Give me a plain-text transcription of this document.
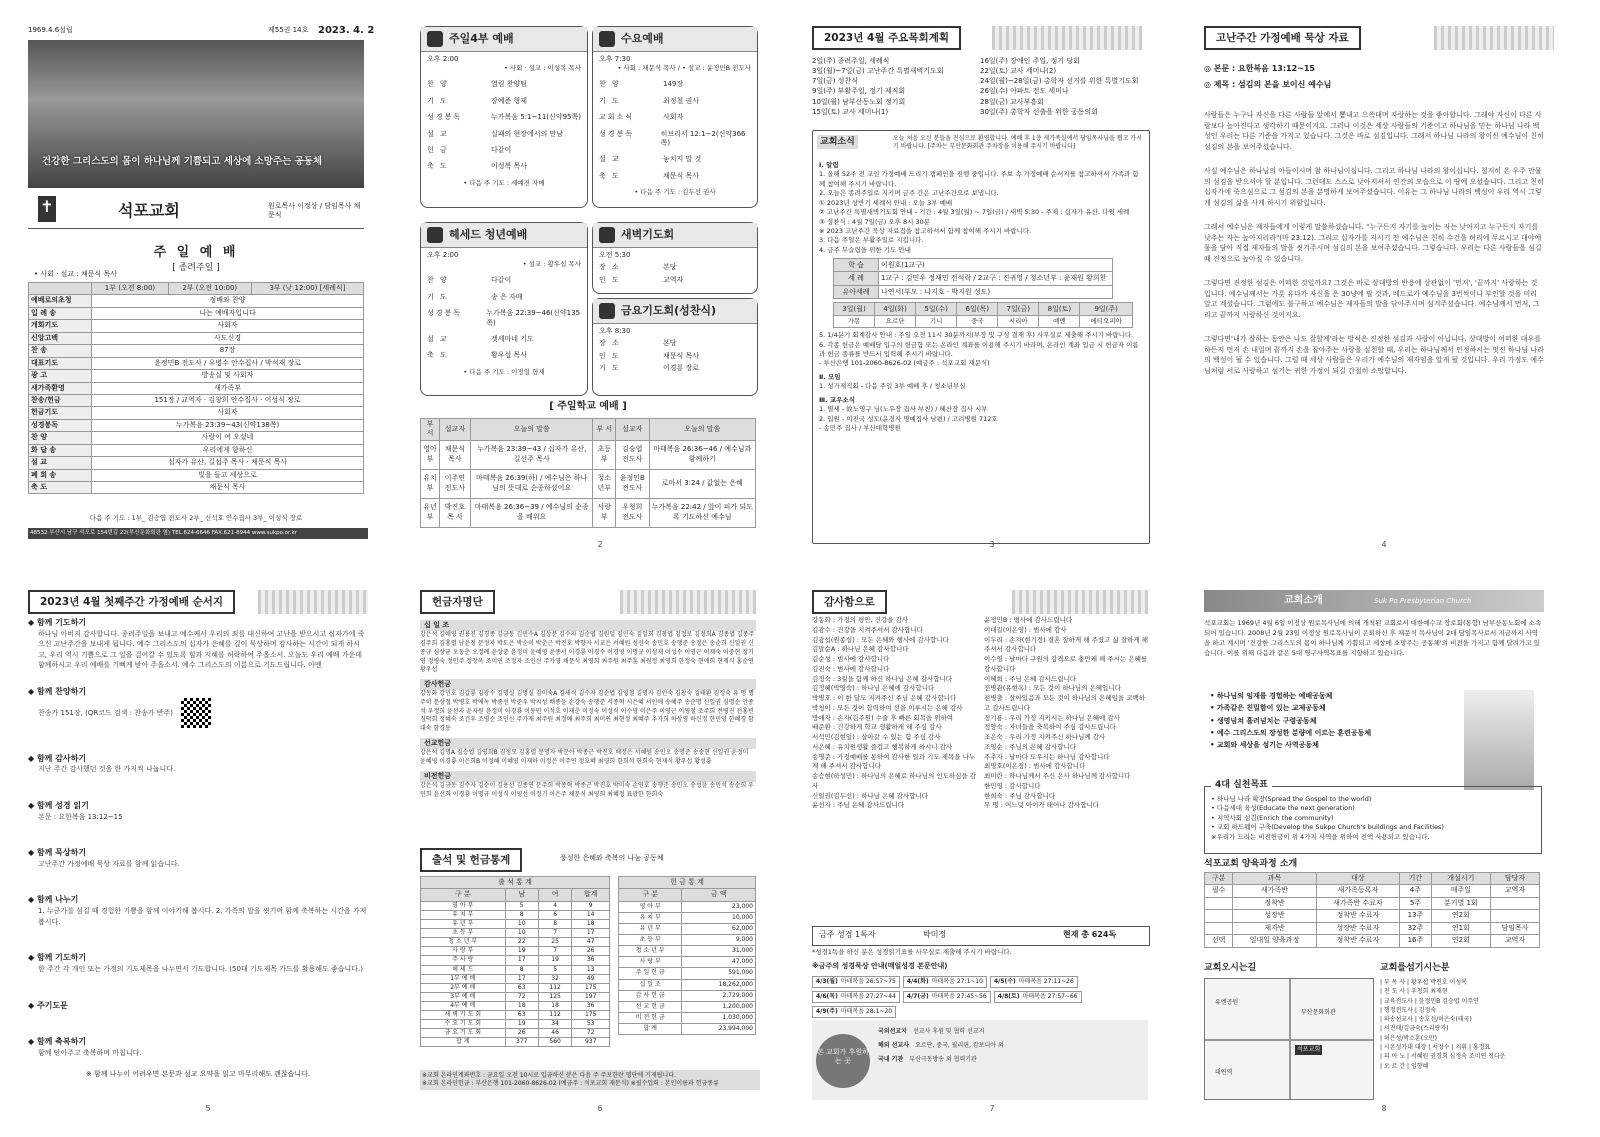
1969.4.6설립	제55권 14호 2023. 4. 2
건강한 그리스도의 몸이 하나님께 기쁨되고 세상에 소망주는 공동체
✝	석포교회	원로목사 이정상 / 담임목사 채문식
주 일 예 배
[ 종려주일 ]
• 사회 · 설교 : 채문식 목사
	1부 (오전 8:00)	2부 (오전 10:00)	3부 (낮 12:00) [세례식]
예배로의초청	정배와 찬양		
입 례 송	나는 예배자입니다		
개회기도	사회자		
신앙고백	사도신경		
찬 송	87장		
대표기도	윤정민B 전도사 / 우병수 안수집사 / 박석재 장로		
광 고	방송실 및 사회자		
새가족환영	새가족부		
찬송/헌금	151장 / 교역자 · 김창희 안수집사 · 이성식 장로		
헌금기도	사회자		
성경봉독	누가복음 23:39~43(신약138쪽)		
찬 양	사랑이 여 오셨네		
화 답 송	우리에게 향하신		
설 교	십자가 유산, 길섭주 목사 · 채문식 목사		
폐 회 송	빛을 들고 세상으로		
축 도	채문식 목사		
다음 주 기도 : 1부_ 김승엽 전도사 2부_ 신석호 안수집사 3부_ 이성식 장로
48532 부산시 남구 석포로 154번길 22(부산문화회관 옆) TEL.624-6646 FAX.621-8944 www.sukpo.or.kr
주일4부 예배
오후 2:00
• 사회 · 설교 : 이성복 목사
찬 양	열림 찬양팀
기 도	장예준 형제
성경봉독	누가복음 5:1~11(신약95쪽)
설 교	실패의 현장에서의 만남
헌 금	다같이
축 도	이성복 목사
• 다음 주 기도 : 세예진 자매
수요예배
오후 7:30
• 사회 : 채문식 목사 / • 설교 : 윤정민B 전도사
찬 양	149장
기 도	최정철 권사
교회소식	사회자
성경봉독	히브리서 12:1~2(신약366쪽)
설 교	놓치지 말 것
축 도	채문식 목사
• 다음 주 기도 : 김두선 권사
헤세드 청년예배
오후 2:00
• 설교 : 황우섭 목사
찬 양	다같이
기 도	송 은 자매
성경봉독	누가복음 22:39~46(신약135쪽)
설 교	겟세마네 기도
축 도	황우섭 목사
• 다음 주 기도 : 이정일 형제
새벽기도회
오전 5:30
장 소	본당
인 도	교역자
금요기도회(성찬식)
오후 8:30
장 소	본당
인 도	채문식 목사
기 도	이경룡 장로
[ 주일학교 예배 ]
부 서	설교자	오늘의 말씀	부 서	설교자	오늘의 말씀
영아부	채문식 목사	누가복음 23:39~43 / 십자가 유산, 길선주 목사	초등부	김승엽 전도사	마태복음 26:36~46 / 예수님과 함께하기
유치부	이주연 전도사	마태복음 26:39(하) / 예수님은 하나님의 뜻대로 순종하셨어요	청소년부	윤정민B 전도사	로마서 3:24 / 값없는 은혜
유년부	박진호 목 사	마태복음 26:36~39 / 예수님의 순종을 배워요	사랑부	우청희 전도사	누가복음 22:42 / 앞이 피가 되도록 기도하신 예수님
2
2023년 4월 주요목회계획
2일(주) 종려주일, 세례식
3일(월)~7일(금) 고난주간 특별새벽기도회
7일(금) 성찬식
9일(주) 부활주일, 정기 제직회
10일(월) 남부산동노회 정기회
15일(토) 교사 세미나(1)
16일(주) 장애인 주일, 정기 당회
22일(토) 교사 세미나(2)
24일(월)~28일(금) 총학자 선거를 위한 특별기도회
26일(수) 아파트 전도 세미나
28일(금) 교사부흥회
30일(주) 총학자 선출을 위한 공동의회
교회소식	오늘 처음 오신 분들을 진심으로 환영합니다. 예배 후 1층 새가족실에서 담임목사님을 뵙고 가시기 바랍니다. [주차는 부산문화회관 주차장을 이용해 주시기 바랍니다]
Ⅰ. 알림
1. 올해 52주 전 교인 가정예배 드리기 캠페인을 진행 중입니다. 주보 속 가정예배 순서지를 참고하셔서 가족과 함께 참여해 주시기 바랍니다.
2. 오늘은 종려주일로 지키며 금주 간은 고난주간으로 보냅니다.
① 2023년 상반기 세례식 안내 : 오늘 3부 예배
② 고난주간 특별새벽기도회 안내 - 기간 : 4월 3일(월) ~ 7일(금) / 새벽 5:30 - 주제 : 십자가 유산, 다윗 세례
③ 성찬식 : 4월 7일(금) 오후 8시 30분
※ 2023 고난주간 묵상 자료집을 참고하셔서 함께 참여해 주시기 바랍니다.
3. 다음 주일은 부활주일로 지킵니다.
4. 금주 무슬림을 위한 기도 안내
학 습	이원호(1교구)
세 례	1교구 : 김민우 정재민 전석락 / 2교구 : 진귀영 / 청소년부 : 윤재원 황희찬
유아세례	나연서(부모 : 나지호 · 박지원 성도)
3일(월)	4일(화)	5일(수)	6일(목)	7일(금)	8일(토)	9일(주)
가봉	요르단	기니	중국	시리아	예멘	에티오피아
5. 1/4분기 회계감사 안내 : 주일 오전 11시 30분까지(부장 및 구성 결재 후) 사무실로 제출해 주시기 바랍니다.
6. 각종 헌금은 예배당 입구의 헌금함 또는 온라인 계좌를 이용해 주시기 바라며, 온라인 계좌 입금 시 헌금자 이름과 헌금 종류를 반드시 입력해 주시기 바랍니다.
- 부산은행 101-2060-8626-02 (예금주 : 석포교회 재문식)
Ⅱ. 모임
1. 성가제직회 - 다음 주일 3부 예배 후 / 청소년부실
Ⅲ. 교우소식
1. 별세 - 故노영구 님(노우장 집사 부친) / 혜산장 집사 시부
2. 입원 - 이진국 성도(윤정자 명예집사 남편) / 고려병원 712호
- 송민주 집사 / 부산대학병원
3
고난주간 가정예배 묵상 자료
◎ 본문 : 요한복음 13:12~15
◎ 제목 : 섬김의 본을 보이신 예수님

사람들은 누구나 자신을 다른 사람들 앞에서 뽐내고 으쓱대며 자랑하는 것을 좋아합니다. 그래야 자신이 다른 사람보다 높아진다고 생각하기 때문이지요. 그러나 이것은 세상 사람들의 기준이고 하나님을 믿는 하나님 나라 백성인 우리는 다른 기준을 가지고 있습니다. 그것은 바로 섬김입니다. 그래서 하나님 나라의 왕이신 예수님이 친히 섬김의 본을 보여주셨습니다.

사실 예수님은 하나님의 아들이시며 참 하나님이십니다. 그리고 하나님 나라의 왕이십니다. 철저히 온 우주 만물의 섬김을 받으셔야 할 분입니다. 그런데도 스스로 낮아지셔서 인간의 모습으로 이 땅에 오셨습니다. 그리고 친히 십자가에 죽으심으로 그 섬김의 본을 분명하게 보여주셨습니다. 이유는 그 하나님 나라의 백성이 우리 역시 그렇게 섬김의 삶을 사게 하시기 위함입니다.

그래서 예수님은 제자들에게 이렇게 말씀하셨습니다. "누구든지 자기를 높이는 자는 낮아지고 누구든지 자기를 낮추는 자는 높아지리라"(마 23:12). 그리고 십자가를 지시기 전 예수님은 친히 수건을 허리에 두르시고 대야에 물을 담아 직접 제자들의 발을 씻겨주시며 섬김의 본을 보여주셨습니다. 그렇습니다. 우리는 다른 사람들을 섬길 때 진정으로 높아질 수 있습니다.

그렇다면 진정한 섬김은 어떠한 것일까요? 그것은 바로 상대방의 반응에 상관없이 '먼저', '끝까지' 사랑하는 것입니다. 예수님께서는 가룟 유다가 자신을 은 30냥에 팔 것과, 베드로가 예수님을 3번씩이나 부인할 것을 미리 알고 계셨습니다. 그럼에도 불구하고 예수님은 제자들의 발을 닦아주시며 섬겨주셨습니다. 예수님께서 먼저, 그리고 끝까지 사랑하신 것이지요.

그렇다면'내가 잘하는 동안은 나도 잘할게'라는 방식은 진정한 섬김과 사랑이 아닙니다. 상대방이 어떠한 대우를 하든지 먼저 손 내밀며 끝까지 손을 잡아주는 사랑을 실천할 때, 우리는 하나님께서 인정하시는 멋진 하나님 나라의 백성이 될 수 있습니다. 그럴 때 세상 사람들은 우리가 예수님의 제자임을 알게 될 것입니다. 우리 가정도 예수님처럼 서로 사랑하고 섬기는 귀한 가정이 되길 간절히 소망합니다.

4
2023년 4월 첫째주간 가정예배 순서지
◆ 함께 기도하기
하나님 아버지 감사합니다. 종려주일을 보내고 예수께서 우리의 죄를 대신하여 고난을 받으시고 십자가에 죽으신 고난주간을 보내게 됩니다. 예수 그리스도의 십자가 은혜를 깊이 묵상하며 감사하는 시간이 되게 하시고, 우리 역시 기쁨으로 그 일을 걸어갈 수 있도록 힘과 지혜를 허락하여 주옵소서. 오늘도 우리 예배 가운데 함께하시고 우리 예배를 기뻐게 받아 주옵소서. 예수 그리스도의 이름으로 기도드립니다. 아멘
◆ 함께 찬양하기
찬송가 151장, (QR코드 검색 : 찬송가 반주)
◆ 함께 감사하기
지난 주간 감사했던 것을 한 가지씩 나눕니다.
◆ 함께 성경 읽기
본문 : 요한복음 13:12~15
◆ 함께 묵상하기
고난주간 가정예배 묵상 자료를 함께 읽습니다.
◆ 함께 나누기
1. 누군가를 섬길 때 경험한 기쁨을 함께 이야기해 봅시다. 2. 가족의 발을 씻기며 함께 축복하는 시간을 가져봅시다.
◆ 함께 기도하기
한 주간 각 개인 또는 가정의 기도제목을 나누면서 기도합니다. (50대 기도제목 카드를 활용해도 좋습니다.)
◆ 주기도문
◆ 함께 축복하기
함께 안아주고 축복하며 마칩니다.
※ 함께 나누이 어려우면 본문과 설교 요약을 읽고 마무리해도 괜찮습니다.
5
헌금자명단
십 일 조
강은석 김애영 권용진 김경종 김금동 김민수A 김상분 김수자 김순엽 김원일 김인숙 김일희 김창엽 김정로 김정희A 김종엽 김종주 김주희 김홍렬 남윤정 문정자 박도은 박순이 박춘근 박진호 박향자 서교은 서혜원 성선숙 송민호 송행준 송정은 송순희 신일권 신종규 심상균 오동춘 오정례 윤상중 윤정미 윤혜영 윤종서 이경룡 이경수 이경영 이명규 이성재 이성수 이영근 이재숙 이중현 정기영 정병숙 정민주 정장옥 조미연 조정자 조인신 주가영 채문식 최영희 최주원 최주훈 최원정 최영희 한정숙 현애희 현재식 홍순연 황우섭
감사헌금
강동화 강민호 김갑룡 김광수 김명실 김명실 김미숙A 김세식 김수자 김순엽 김영철 김명자 김인숙 김창숙 김태환 김정숙 유 명 명주히 문상철 박병호 박에녹 박종선 박준우 박지성 배종윤 손강숙 송행준 서종혁 시은혜 서인애 송혜주 송순명 신일권 심명순 안종석 우정희 윤선자 윤자원 윤정미 이경룡 이동민 이석호 이재춘 이정숙 이성식 이수영 이은주 이영근 이영철 조주희 전병진 전홍빈 정덕희 정혜숙 조건우 조영순 조인신 주가재 최주원 최정애 최주희 최미연 최현정 최혜주 추가희 하상영 하신정 한민영 한혜경 함대숙 함경동
선교헌금
강은석 김명A 김승엽 김영희B 김정모 김홍렬 문명자 박문아 박종근 박진호 배정은 서혜원 송민오 송명준 송숭현 신일권 윤정미 윤혜영 이경룡 이은희B 이정혜 이혜영 이재하 이정은 이주연 정호혜 최영희 한희석 한희숙 현재식 황우섭 황성룡
비전헌금
강은석 김금동 김수자 김순이 김용선 김종연 문주희 박종혁 박종근 박진호 박미숙 손연호 송행준 송민오 송성윤 송민석 송순희 우민희 윤선희 이경룡 이명규 이성식 이영선 이정기 이은주 채문식 최영희 최혜정 표광한 한희숙
출석 및 헌금통계	풍성한 은혜와 축복의 나눔 공동체
출 석 통 계			
구 분	남	여	합계
영 아 부	5	4	9
유 치 부	8	6	14
유 년 부	10	8	18
초 등 부	10	7	17
청 소 년 부	22	25	47
사 랑 부	19	7	26
주 사 랑	17	19	36
헤 세 드	8	5	13
1부 예 배	17	32	49
2부 예 배	63	112	175
3부 예 배	72	125	197
4부 예 배	18	18	36
새 벽 기 도 회	63	112	175
수 요 기 도 회	19	34	53
금 요 기 도 회	26	46	72
합 계	377	560	937
헌 금 통 계	
구 분	금 액
영 아 부	23,000
유 치 부	10,000
유 년 부	62,000
초 등 부	9,000
청 소 년 부	31,000
사 랑 부	47,000
주 일 헌 금	591,000
십 일 조	18,262,000
감 사 헌 금	2,729,000
선 교 헌 금	1,200,000
비 전 헌 금	1,030,000
합 계	23,994,000
※교회 온라인계좌번호 : 금요일 오전 10시로 입금하신 분은 다음 주 주보한란 명단에 기재됩니다.
※교회 온라인헌금 : 부산은행 101-2060-8626-02 (예금주 : 석포교회 재문식) ※필수입력 : 본인이름과 헌금종류
6
감사함으로
강동화 : 가정의 평안, 건강을 감사
김광수 : 건강을 지켜주셔서 감사합니다
김광섭(원종섭) : 모든 은혜와 행사에 감사합니다
김말순A : 하나님 은혜 감사합니다
김순성 : 범사에 감사합니다
김진숙 : 범사에 감사합니다
김정숙 : 3월을 함께 하신 하나님 은혜 감사합니다
김정혜(박영숙) : 하나님 은혜에 감사합니다
박병호 : 이 한 달도 지켜주신 주님 은혜 감사합니다
박청이 : 모든 것이 합력하여 선을 이루시는 은혜 감사
방애자 : 손자(김주원) 수술 후 빠른 회복을 위하여
배준환 : 건강하게 학교 생활하게 해 주심 감사
서석민(김현일) : 살아갈 수 있는 힘 주심 감사
서은혜 : 유치원생활 즐겁고 행복하게 하시니 감사
송명준 : 가정예배를 통하여 감사한 일과 기도 제목을 나누게 해 주셔서 감사합니다
송승현(하성민) : 하나님의 은혜로 하나님의 인도하심을 감사
신일권(김두선) : 하나님 은혜 감사합니다
윤선자 : 주님 은혜 감사드립니다
윤정민B : 범사에 감사드립니다
이대길(이은영) : 범사에 감사
이두리 : 손자(현기정) 결혼 잘하게 해 주셨고 삶 잘하게 해 주셔서 감사합니다
이수영 : 날마다 구원의 감격으로 충만케 해 주시는 은혜를 감사합니다
이혜희 : 주님 은혜 감사드립니다
전병관(유현옥) : 모든 것이 하나님의 은혜입니다
전병출 : 살아있음과 모든 것이 하나님의 은혜임을 고백하고 감사드립니다
정기룡 : 우리 가정 지키시는 하나님 은혜에 감사
정양숙 : 자녀들을 축복하여 주심 감사드립니다
조은숙 : 우리 가정 지켜주신 하나님께 감사
조영순 : 주님의 은혜 감사합니다
주추자 : 날마다 도우시는 하나님 감사합니다
최명호(이은정) : 범사에 감사합니다
최미란 : 하나님께서 주신 은사 하나님께 감사합니다
한민영 : 감사합니다
한희숙 : 주님 감사합니다
무 명 : 어느덧 아이가 태어나 감사합니다
금주 성경 1독자	박미정	현재 총 624독
*성경1독을 하신 분은 성경읽기표를 사무실로 제출해 주시기 바랍니다.
※금주의 성경묵상 안내(매일성경 본문안내)
4/3(월) 마태복음 26:57~75	4/4(화) 마태복음 27:1~10	4/5(수) 마태복음 27:11~26
4/6(목) 마태복음 27:27~44	4/7(금) 마태복음 27:45~56	4/8(토) 마태복음 27:57~66
4/9(주) 마태복음 28:1~20
본 교회가 후원하는 곳
국외선교지 선교사 후원 및 협력 선교지
해외 선교사 요르단, 중국, 필리핀, 캄보디아 외
국내 기관 부산극동방송 외 협력기관
7
교회소개	Suk Po Presbyterian Church
석포교회는 1969년 4월 6일 이정상 원로목사님에 의해 개척된 교회로서 대한예수교 장로회(통합) 남부산동노회에 소속되어 있습니다. 2008년 2월 23일 이정상 원로목사님이 은퇴하신 후 채문식 목사님이 2대 담임목사로서 지금까지 사역을 하고 계시며 '건강한 그리스도의 몸이 하나님께 기쁨되고 세상에 소망주는 공동체'의 비전을 가지고 함께 달려가고 있습니다. 이를 위해 다음과 같은 5대 영구사역목표를 지향하고 있습니다.
• 하나님의 임재를 경험하는 예배공동체
• 가족같은 친밀함이 있는 교제공동체
• 생명넘쳐 흘러넘치는 구령공동체
• 예수 그리스도의 장성한 분량에 이르는 훈련공동체
• 교회와 세상을 섬기는 사역공동체
4대 실천목표
• 하나님 나라 확장(Spread the Gospel to the world)
• 다음세대 육성(Educate the next generation)
• 지역사회 섬김(Enrich the community)
• 교회 하드웨어 구축(Develop the Sukpo Church's buildings and Facilities)
※우리가 드리는 비전헌금이 위 4가지 사역을 위하여 전액 사용되고 있습니다.
석포교회 양육과정 소개
구분	과목	대상	기간	개설시기	담당자
필수	새가족반	새가족등록자	4주	매주일	교역자
	정착반	새가족반 수료자	5주	분기별 1회	
	성장반	정착반 수료자	13주	연2회	
	제자반	성장반 수료자	32주	연1회	담임목사
선택	일대일 양육과정	정착반 수료자	16주	연2회	교역자
교회오시는길
석포교회
부산문화회관
대연역
유엔공원
교회를섬기시는분
| 부 목 사 | 황우섭 박진호 이성복
| 전 도 사 | 우청희 최재현
| 교육전도사 | 윤정민B 김승엽 이주연
| 행정전도사 | 김정숙
| 파송선교사 | 송호선/허은숙(태국)
| 서진태/김금숙(스리랑카)
| 허은성/박소혼(오만)
| 시온성가대 대장 | 서정수 | 지휘 | 홍정표
| 피 아 노 | 서혜원 권경희 심정숙 조미연 정다운
| 오 르 간 | 임향혜
8
